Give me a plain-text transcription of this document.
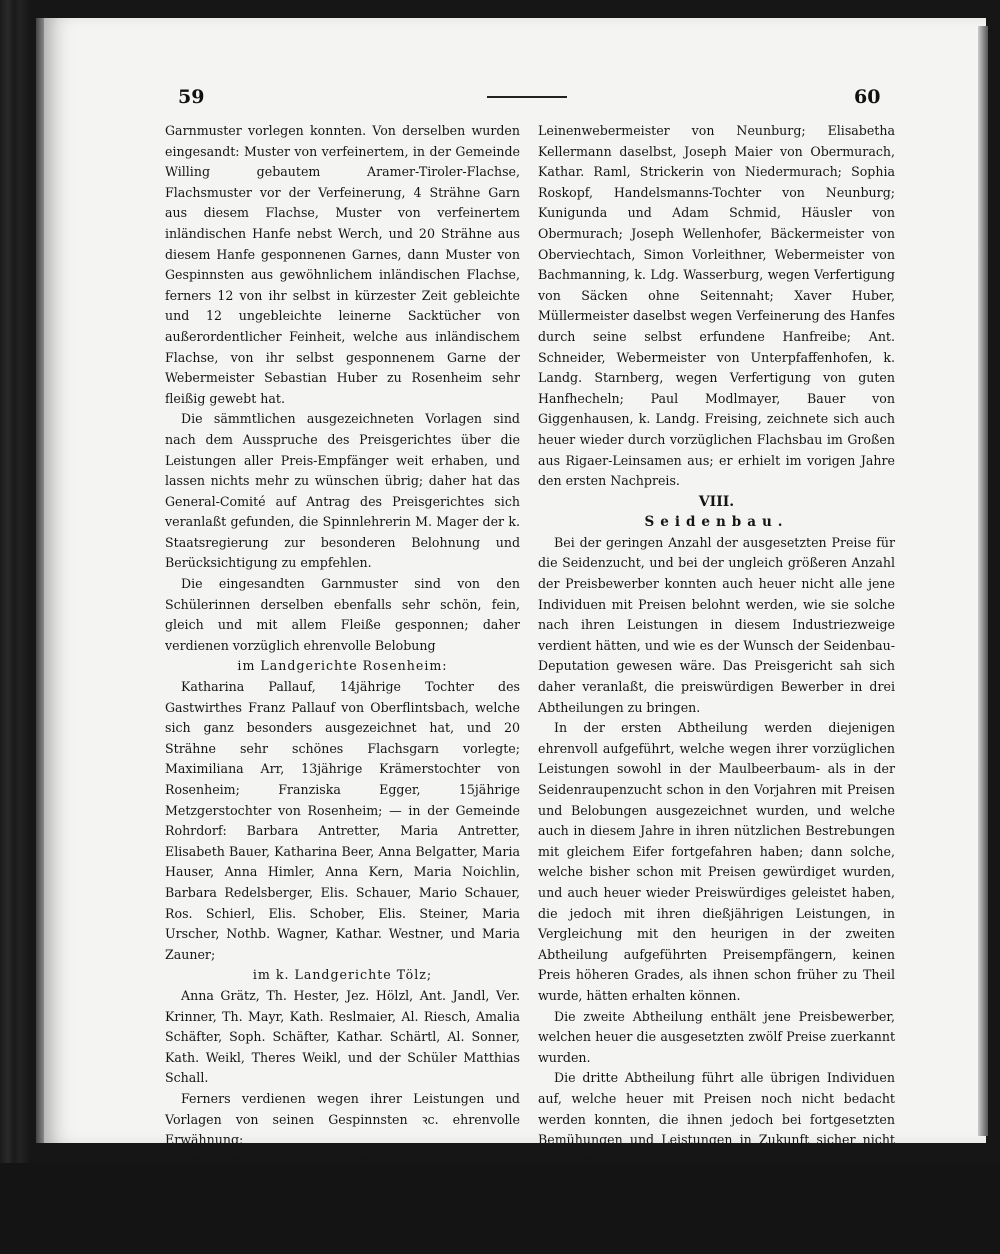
59	60

Garnmuster vorlegen konnten. Von derselben wurden eingesandt: Muster von verfeinertem, in der Gemeinde Willing gebautem Aramer-Tiroler-Flachse, Flachsmuster vor der Verfeinerung, 4 Strähne Garn aus diesem Flachse, Muster von verfeinertem inländischen Hanfe nebst Werch, und 20 Strähne aus diesem Hanfe gesponnenen Garnes, dann Muster von Gespinnsten aus gewöhnlichem inländischen Flachse, ferners 12 von ihr selbst in kürzester Zeit gebleichte und 12 ungebleichte leinerne Sacktücher von außerordentlicher Feinheit, welche aus inländischem Flachse, von ihr selbst gesponnenem Garne der Webermeister Sebastian Huber zu Rosenheim sehr fleißig gewebt hat.

Die sämmtlichen ausgezeichneten Vorlagen sind nach dem Ausspruche des Preisgerichtes über die Leistungen aller Preis-Empfänger weit erhaben, und lassen nichts mehr zu wünschen übrig; daher hat das General-Comité auf Antrag des Preisgerichtes sich veranlaßt gefunden, die Spinnlehrerin M. Mager der k. Staatsregierung zur besonderen Belohnung und Berücksichtigung zu empfehlen.

Die eingesandten Garnmuster sind von den Schülerinnen derselben ebenfalls sehr schön, fein, gleich und mit allem Fleiße gesponnen; daher verdienen vorzüglich ehrenvolle Belobung

im Landgerichte Rosenheim:

Katharina Pallauf, 14jährige Tochter des Gastwirthes Franz Pallauf von Oberflintsbach, welche sich ganz besonders ausgezeichnet hat, und 20 Strähne sehr schönes Flachsgarn vorlegte; Maximiliana Arr, 13jährige Krämerstochter von Rosenheim; Franziska Egger, 15jährige Metzgerstochter von Rosenheim; — in der Gemeinde Rohrdorf: Barbara Antretter, Maria Antretter, Elisabeth Bauer, Katharina Beer, Anna Belgatter, Maria Hauser, Anna Himler, Anna Kern, Maria Noichlin, Barbara Redelsberger, Elis. Schauer, Mario Schauer, Ros. Schierl, Elis. Schober, Elis. Steiner, Maria Urscher, Nothb. Wagner, Kathar. Westner, und Maria Zauner;

im k. Landgerichte Tölz;

Anna Grätz, Th. Hester, Jez. Hölzl, Ant. Jandl, Ver. Krinner, Th. Mayr, Kath. Reslmaier, Al. Riesch, Amalia Schäfter, Soph. Schäfter, Kathar. Schärtl, Al. Sonner, Kath. Weikl, Theres Weikl, und der Schüler Matthias Schall.

Ferners verdienen wegen ihrer Leistungen und Vorlagen von seinen Gespinnsten ꝛc. ehrenvolle Erwähnung;

Frau Cresz. Fink, Bildhauers-Gattin von München; Frau Eva Stautner, Krämers-Wittwe von Stamsried, k. Landg. Roding im Regenkreise; — ferners im k. Landg. Neunburg vorm Wald im Regenkreise Franziska Balk, Bäuerin von Hannesried; Michael Götz,

Leinenwebermeister von Neunburg; Elisabetha Kellermann daselbst, Joseph Maier von Obermurach, Kathar. Raml, Strickerin von Niedermurach; Sophia Roskopf, Handelsmanns-Tochter von Neunburg; Kunigunda und Adam Schmid, Häusler von Obermurach; Joseph Wellenhofer, Bäckermeister von Oberviechtach, Simon Vorleithner, Webermeister von Bachmanning, k. Ldg. Wasserburg, wegen Verfertigung von Säcken ohne Seitennaht; Xaver Huber, Müllermeister daselbst wegen Verfeinerung des Hanfes durch seine selbst erfundene Hanfreibe; Ant. Schneider, Webermeister von Unterpfaffenhofen, k. Landg. Starnberg, wegen Verfertigung von guten Hanfhecheln; Paul Modlmayer, Bauer von Giggenhausen, k. Landg. Freising, zeichnete sich auch heuer wieder durch vorzüglichen Flachsbau im Großen aus Rigaer-Leinsamen aus; er erhielt im vorigen Jahre den ersten Nachpreis.

VIII.

Seidenbau.

Bei der geringen Anzahl der ausgesetzten Preise für die Seidenzucht, und bei der ungleich größeren Anzahl der Preisbewerber konnten auch heuer nicht alle jene Individuen mit Preisen belohnt werden, wie sie solche nach ihren Leistungen in diesem Industriezweige verdient hätten, und wie es der Wunsch der Seidenbau-Deputation gewesen wäre. Das Preisgericht sah sich daher veranlaßt, die preiswürdigen Bewerber in drei Abtheilungen zu bringen.

In der ersten Abtheilung werden diejenigen ehrenvoll aufgeführt, welche wegen ihrer vorzüglichen Leistungen sowohl in der Maulbeerbaum- als in der Seidenraupenzucht schon in den Vorjahren mit Preisen und Belobungen ausgezeichnet wurden, und welche auch in diesem Jahre in ihren nützlichen Bestrebungen mit gleichem Eifer fortgefahren haben; dann solche, welche bisher schon mit Preisen gewürdiget wurden, und auch heuer wieder Preiswürdiges geleistet haben, die jedoch mit ihren dießjährigen Leistungen, in Vergleichung mit den heurigen in der zweiten Abtheilung aufgeführten Preisempfängern, keinen Preis höheren Grades, als ihnen schon früher zu Theil wurde, hätten erhalten können.

Die zweite Abtheilung enthält jene Preisbewerber, welchen heuer die ausgesetzten zwölf Preise zuerkannt wurden.

Die dritte Abtheilung führt alle übrigen Individuen auf, welche heuer mit Preisen noch nicht bedacht werden konnten, die ihnen jedoch bei fortgesetzten Bemühungen und Leistungen in Zukunft sicher nicht entgehen dürften.
